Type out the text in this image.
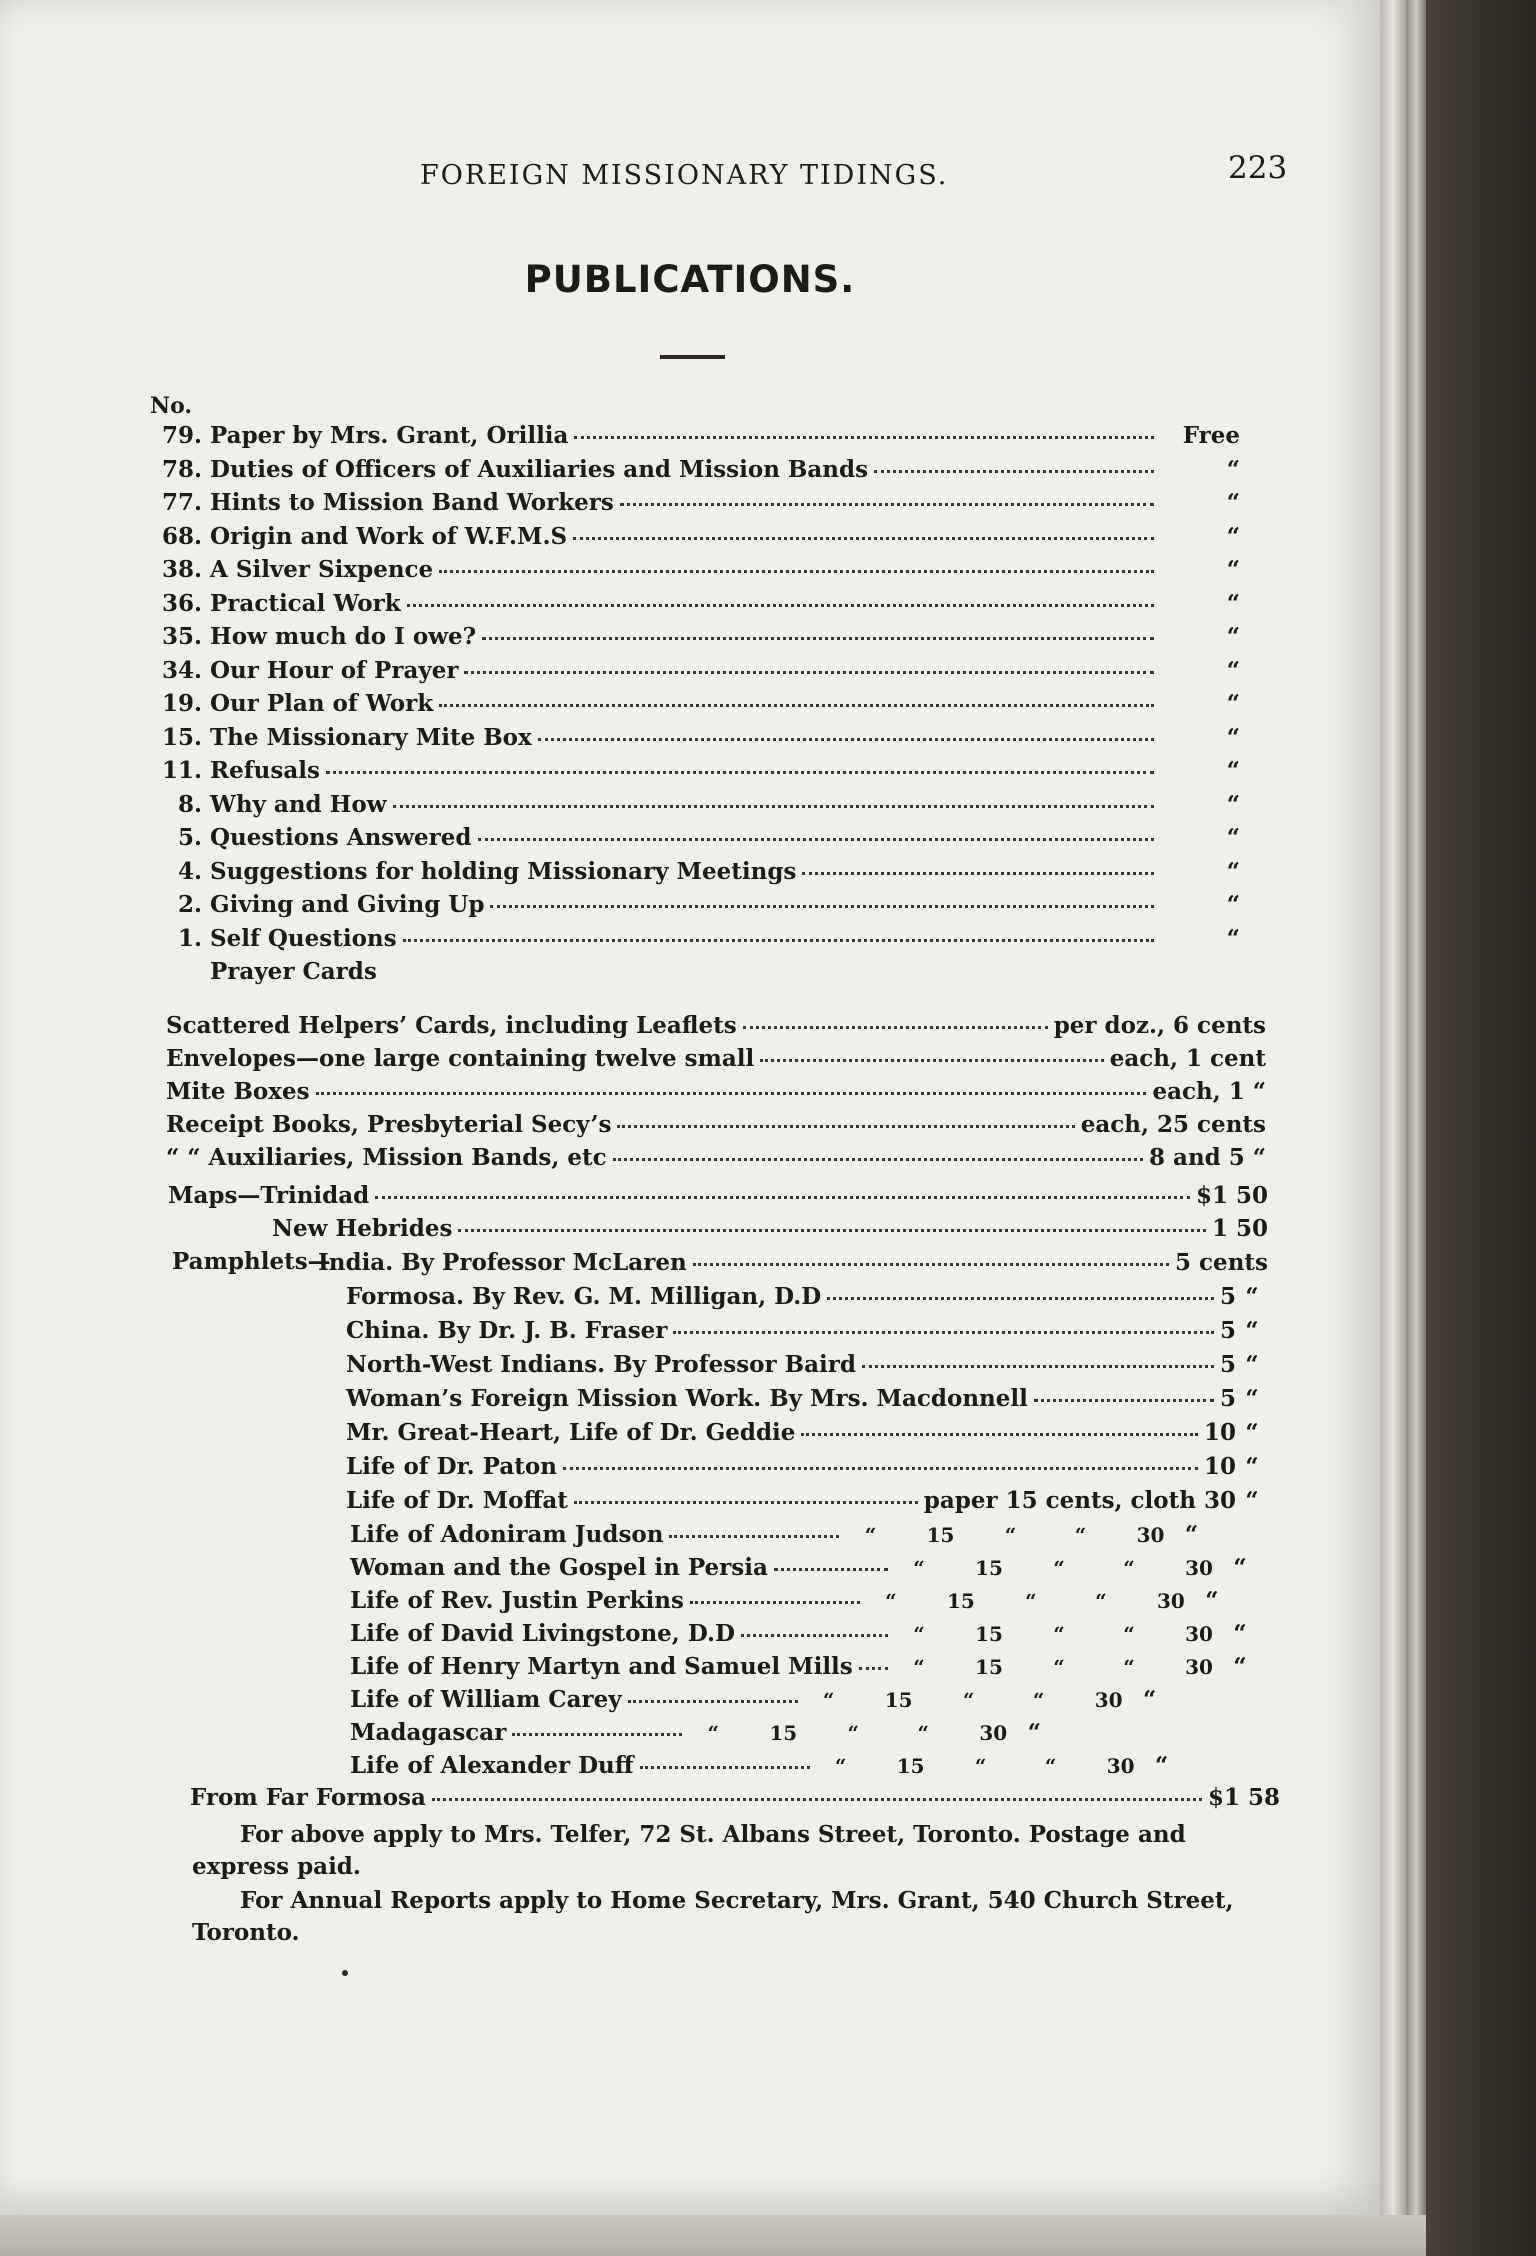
FOREIGN MISSIONARY TIDINGS.	223
PUBLICATIONS.
No.
79. Paper by Mrs. Grant, Orillia	Free
78. Duties of Officers of Auxiliaries and Mission Bands	“
77. Hints to Mission Band Workers	“
68. Origin and Work of W.F.M.S	“
38. A Silver Sixpence	“
36. Practical Work	“
35. How much do I owe?	“
34. Our Hour of Prayer	“
19. Our Plan of Work	“
15. The Missionary Mite Box	“
11. Refusals	“
8. Why and How	“
5. Questions Answered	“
4. Suggestions for holding Missionary Meetings	“
2. Giving and Giving Up	“
1. Self Questions	“
Prayer Cards
Scattered Helpers’ Cards, including Leaflets	per doz., 6 cents
Envelopes—one large containing twelve small	each, 1 cent
Mite Boxes	each, 1 “
Receipt Books, Presbyterial Secy’s	each, 25 cents
“ “ Auxiliaries, Mission Bands, etc	8 and 5 “
Maps—Trinidad	$1 50
New Hebrides	1 50
Pamphlets—
India. By Professor McLaren	5 cents
Formosa. By Rev. G. M. Milligan, D.D	5 “
China. By Dr. J. B. Fraser	5 “
North-West Indians. By Professor Baird	5 “
Woman’s Foreign Mission Work. By Mrs. Macdonnell	5 “
Mr. Great-Heart, Life of Dr. Geddie	10 “
Life of Dr. Paton	10 “
Life of Dr. Moffat	paper 15 cents, cloth 30 “
Life of Adoniram Judson	“	15	“	“	30 “
Woman and the Gospel in Persia	“	15	“	“	30 “
Life of Rev. Justin Perkins	“	15	“	“	30 “
Life of David Livingstone, D.D	“	15	“	“	30 “
Life of Henry Martyn and Samuel Mills	“	15	“	“	30 “
Life of William Carey	“	15	“	“	30 “
Madagascar	“	15	“	“	30 “
Life of Alexander Duff	“	15	“	“	30 “
From Far Formosa	$1 58
For above apply to Mrs. Telfer, 72 St. Albans Street, Toronto. Postage and
express paid.
For Annual Reports apply to Home Secretary, Mrs. Grant, 540 Church Street,
Toronto.
